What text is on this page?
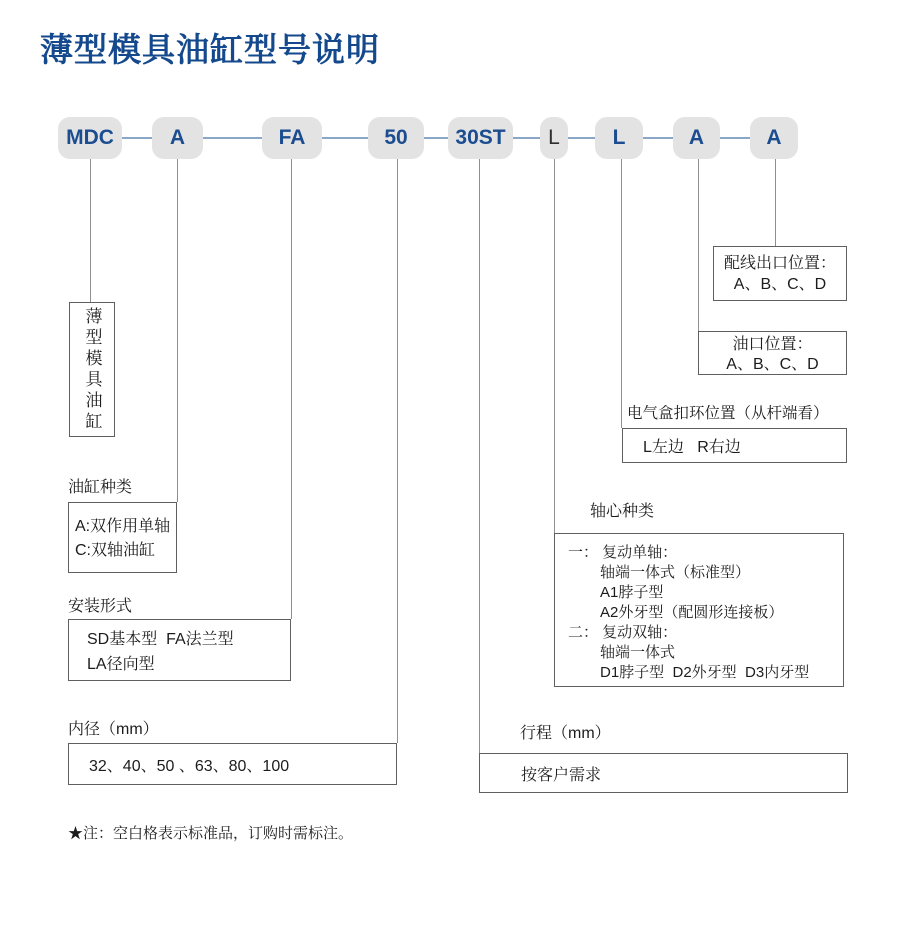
薄型模具油缸型号说明
MDC	A	FA	50	30ST	L	L	A	A
薄型模具油缸
油缸种类
A:双作用单轴
C:双轴油缸
安装形式
SD基本型  FA法兰型
LA径向型
内径（mm）
32、40、50 、63、80、100
行程（mm）
按客户需求
轴心种类
一： 复动单轴：
轴端一体式（标准型）
A1脖子型
A2外牙型（配圆形连接板）
二： 复动双轴：
轴端一体式
D1脖子型  D2外牙型  D3内牙型
电气盒扣环位置（从杆端看）
L左边   R右边
油口位置：
A、B、C、D
配线出口位置：
A、B、C、D
★注：空白格表示标准品，订购时需标注。
